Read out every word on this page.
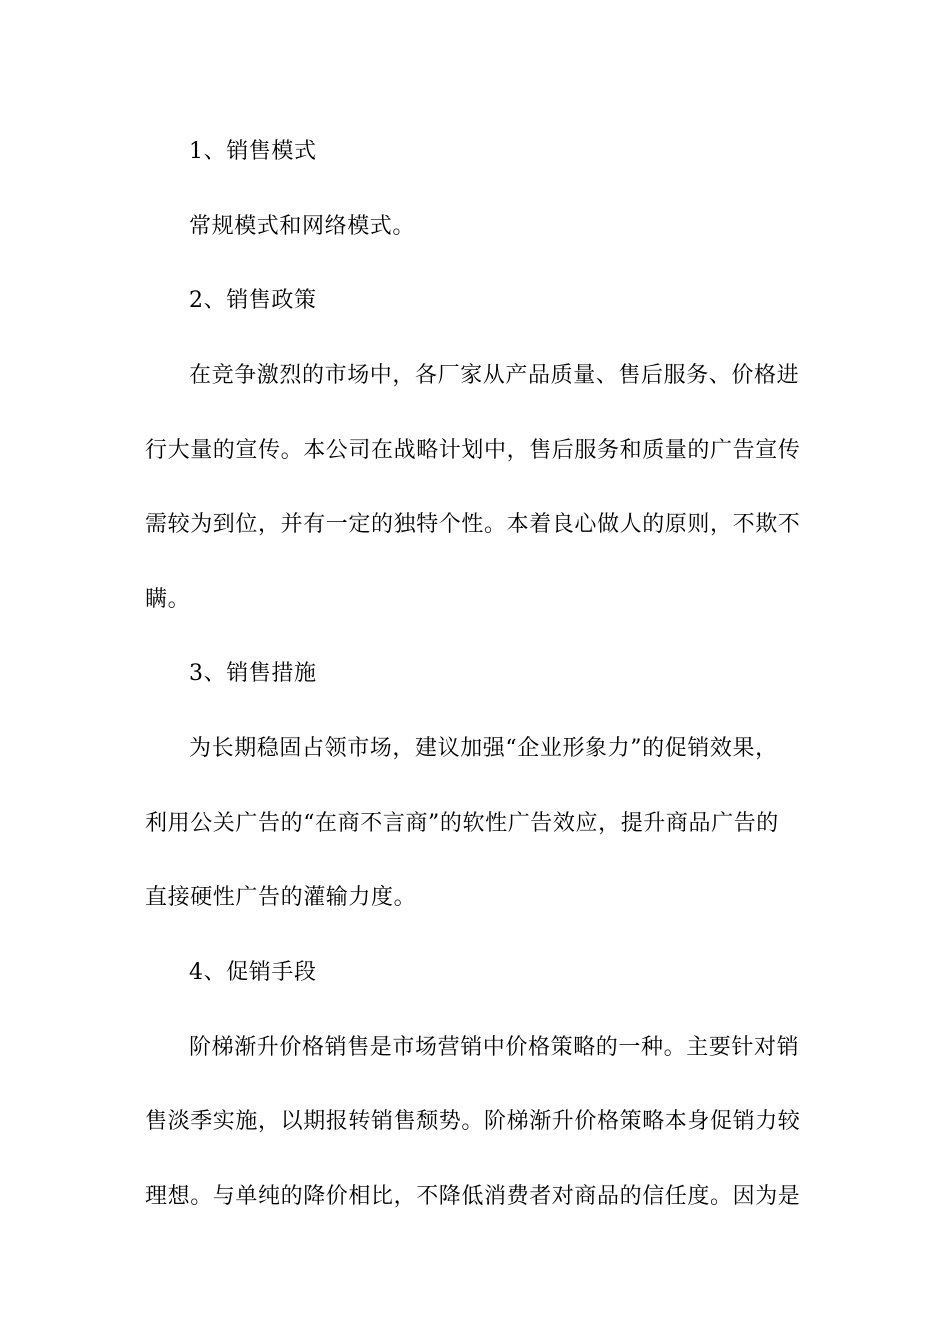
1、销售模式
常规模式和网络模式。
2、销售政策
在竞争激烈的市场中，各厂家从产品质量、售后服务、价格进
行大量的宣传。本公司在战略计划中，售后服务和质量的广告宣传
需较为到位，并有一定的独特个性。本着良心做人的原则，不欺不
瞒。
3、销售措施
为长期稳固占领市场，建议加强“企业形象力”的促销效果，
利用公关广告的“在商不言商”的软性广告效应，提升商品广告的
直接硬性广告的灌输力度。
4、促销手段
阶梯渐升价格销售是市场营销中价格策略的一种。主要针对销
售淡季实施，以期报转销售颓势。阶梯渐升价格策略本身促销力较
理想。与单纯的降价相比，不降低消费者对商品的信任度。因为是
